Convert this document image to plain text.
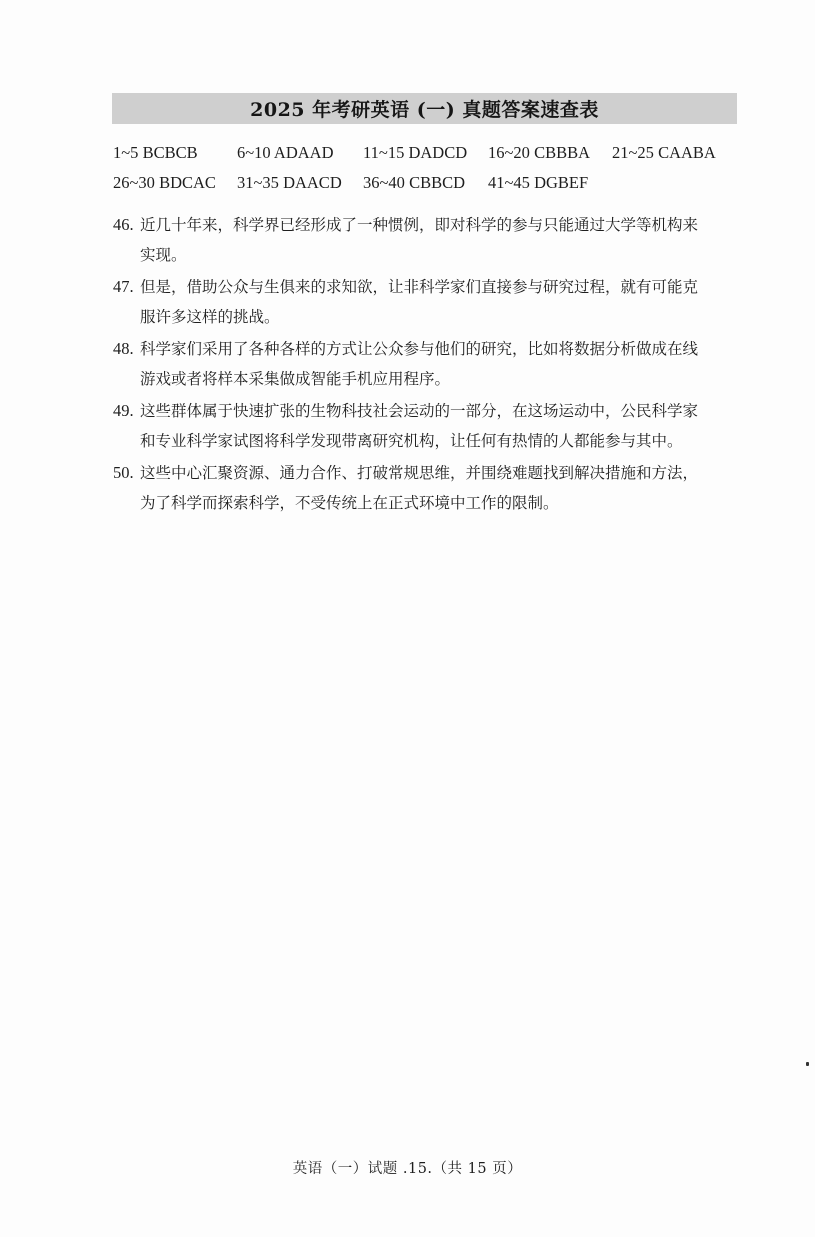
2025 年考研英语 (一) 真题答案速查表
1~5 BCBCB 6~10 ADAAD 11~15 DADCD 16~20 CBBBA 21~25 CAABA
26~30 BDCAC 31~35 DAACD 36~40 CBBCD 41~45 DGBEF
46. 近几十年来，科学界已经形成了一种惯例，即对科学的参与只能通过大学等机构来
实现。
47. 但是，借助公众与生俱来的求知欲，让非科学家们直接参与研究过程，就有可能克
服许多这样的挑战。
48. 科学家们采用了各种各样的方式让公众参与他们的研究，比如将数据分析做成在线
游戏或者将样本采集做成智能手机应用程序。
49. 这些群体属于快速扩张的生物科技社会运动的一部分，在这场运动中，公民科学家
和专业科学家试图将科学发现带离研究机构，让任何有热情的人都能参与其中。
50. 这些中心汇聚资源、通力合作、打破常规思维，并围绕难题找到解决措施和方法，
为了科学而探索科学，不受传统上在正式环境中工作的限制。
英语（一）试题 .15.（共 15 页）
